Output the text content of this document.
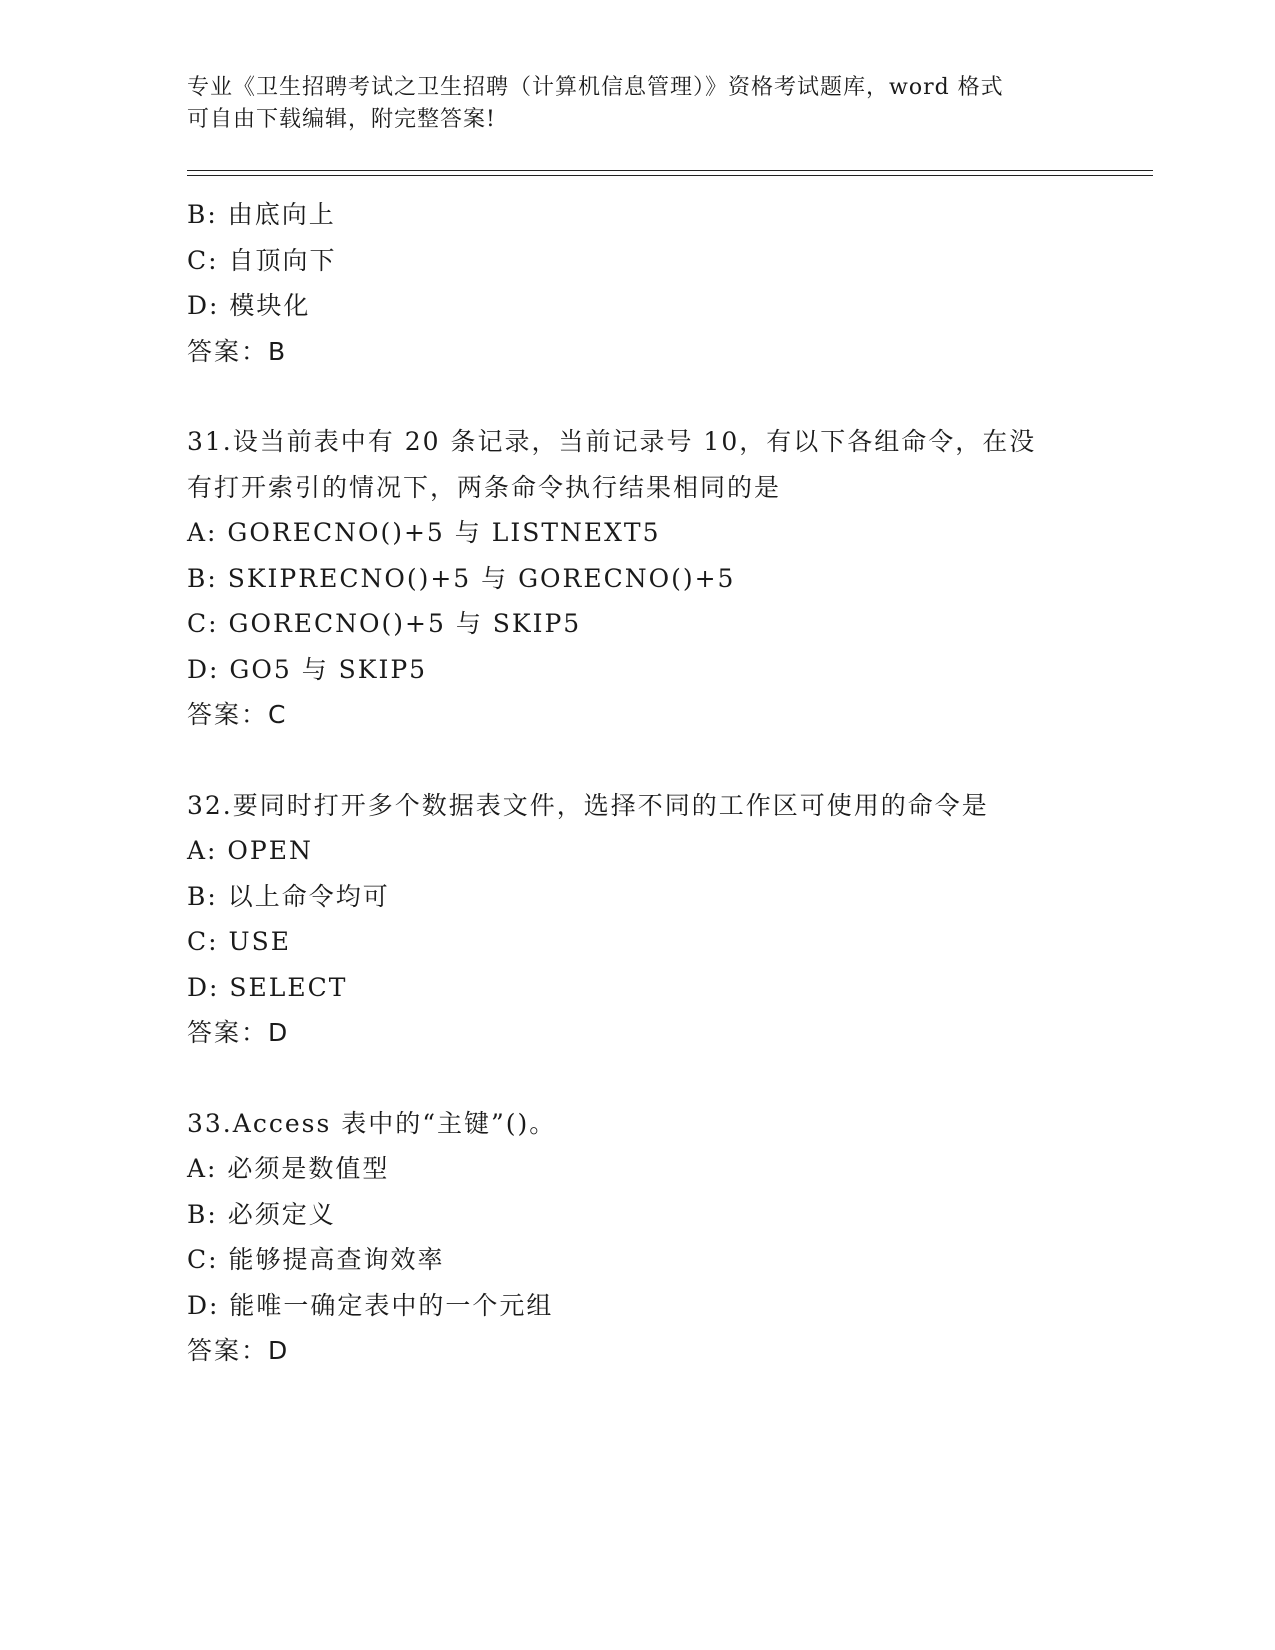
专业《卫生招聘考试之卫生招聘（计算机信息管理）》资格考试题库，word 格式
可自由下载编辑，附完整答案!
B: 由底向上
C: 自顶向下
D: 模块化
答案：B
31.设当前表中有 20 条记录，当前记录号 10，有以下各组命令，在没
有打开索引的情况下，两条命令执行结果相同的是
A: GORECNO()+5 与 LISTNEXT5
B: SKIPRECNO()+5 与 GORECNO()+5
C: GORECNO()+5 与 SKIP5
D: GO5 与 SKIP5
答案：C
32.要同时打开多个数据表文件，选择不同的工作区可使用的命令是
A: OPEN
B: 以上命令均可
C: USE
D: SELECT
答案：D
33.Access 表中的“主键”()。
A: 必须是数值型
B: 必须定义
C: 能够提高查询效率
D: 能唯一确定表中的一个元组
答案：D
